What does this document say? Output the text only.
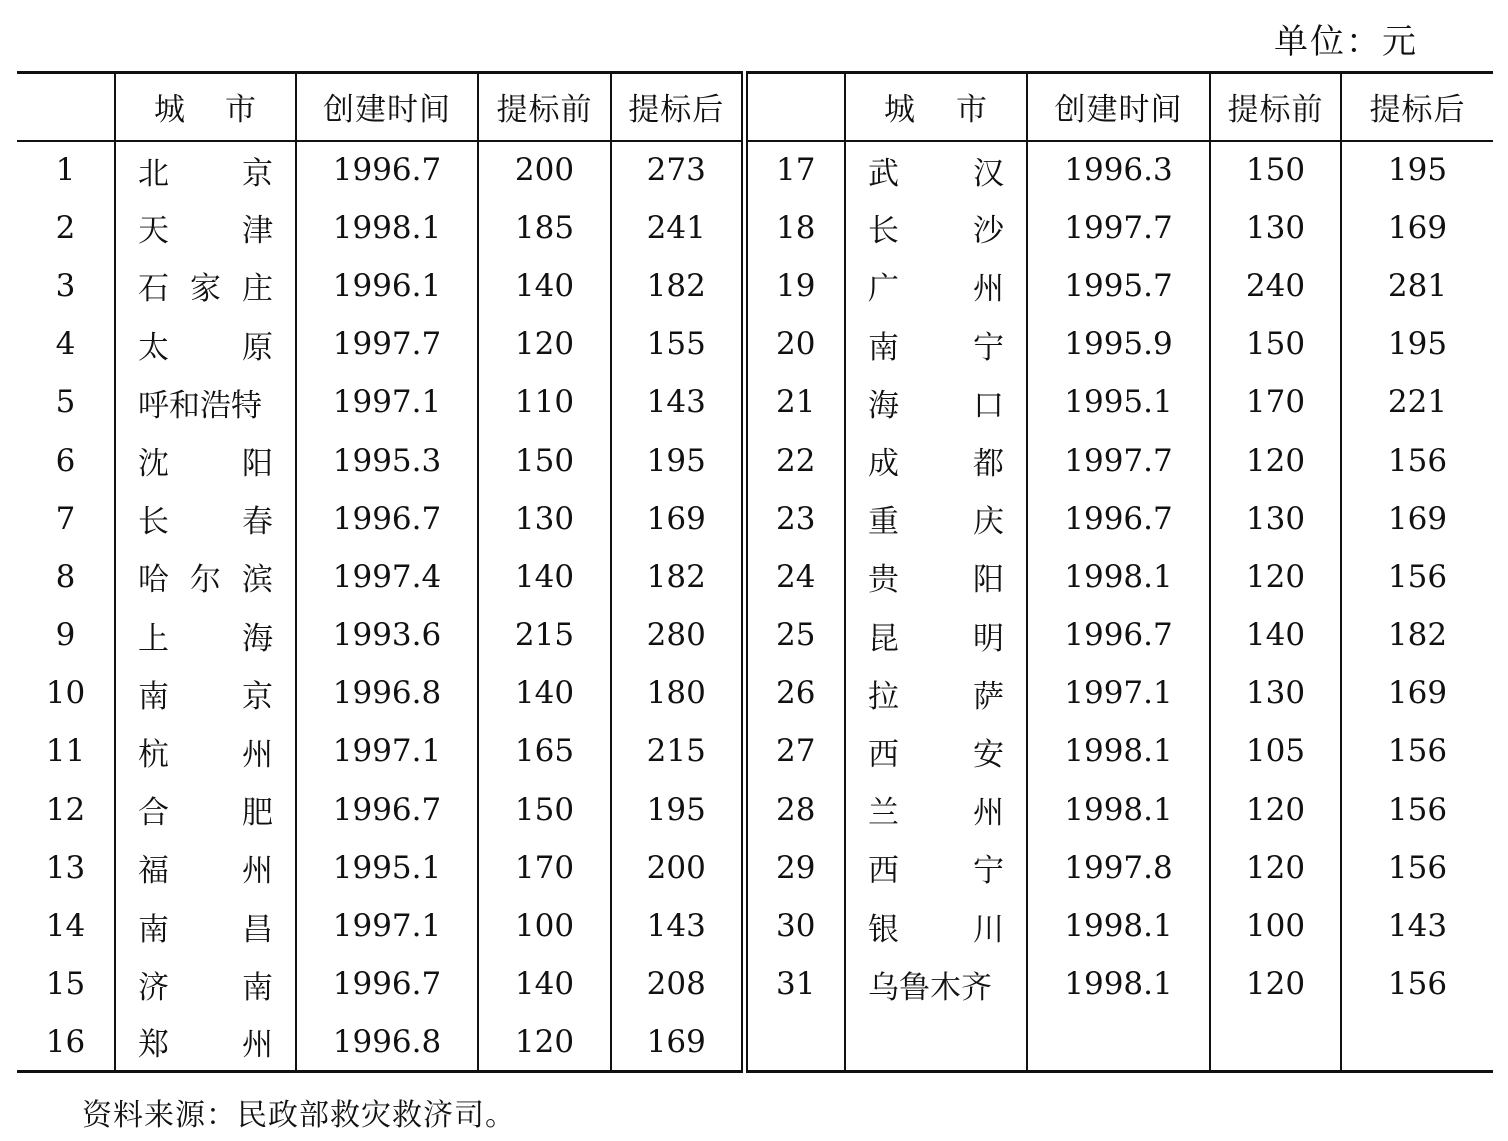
单位：元

	城 市	创建时间	提标前	提标后		城 市	创建时间	提标前	提标后
1	北 京	1996.7	200	273	17	武 汉	1996.3	150	195
2	天 津	1998.1	185	241	18	长 沙	1997.7	130	169
3	石 家 庄	1996.1	140	182	19	广 州	1995.7	240	281
4	太 原	1997.7	120	155	20	南 宁	1995.9	150	195
5	呼和浩特	1997.1	110	143	21	海 口	1995.1	170	221
6	沈 阳	1995.3	150	195	22	成 都	1997.7	120	156
7	长 春	1996.7	130	169	23	重 庆	1996.7	130	169
8	哈 尔 滨	1997.4	140	182	24	贵 阳	1998.1	120	156
9	上 海	1993.6	215	280	25	昆 明	1996.7	140	182
10	南 京	1996.8	140	180	26	拉 萨	1997.1	130	169
11	杭 州	1997.1	165	215	27	西 安	1998.1	105	156
12	合 肥	1996.7	150	195	28	兰 州	1998.1	120	156
13	福 州	1995.1	170	200	29	西 宁	1997.8	120	156
14	南 昌	1997.1	100	143	30	银 川	1998.1	100	143
15	济 南	1996.7	140	208	31	乌鲁木齐	1998.1	120	156
16	郑 州	1996.8	120	169					
资料来源：民政部救灾救济司。
